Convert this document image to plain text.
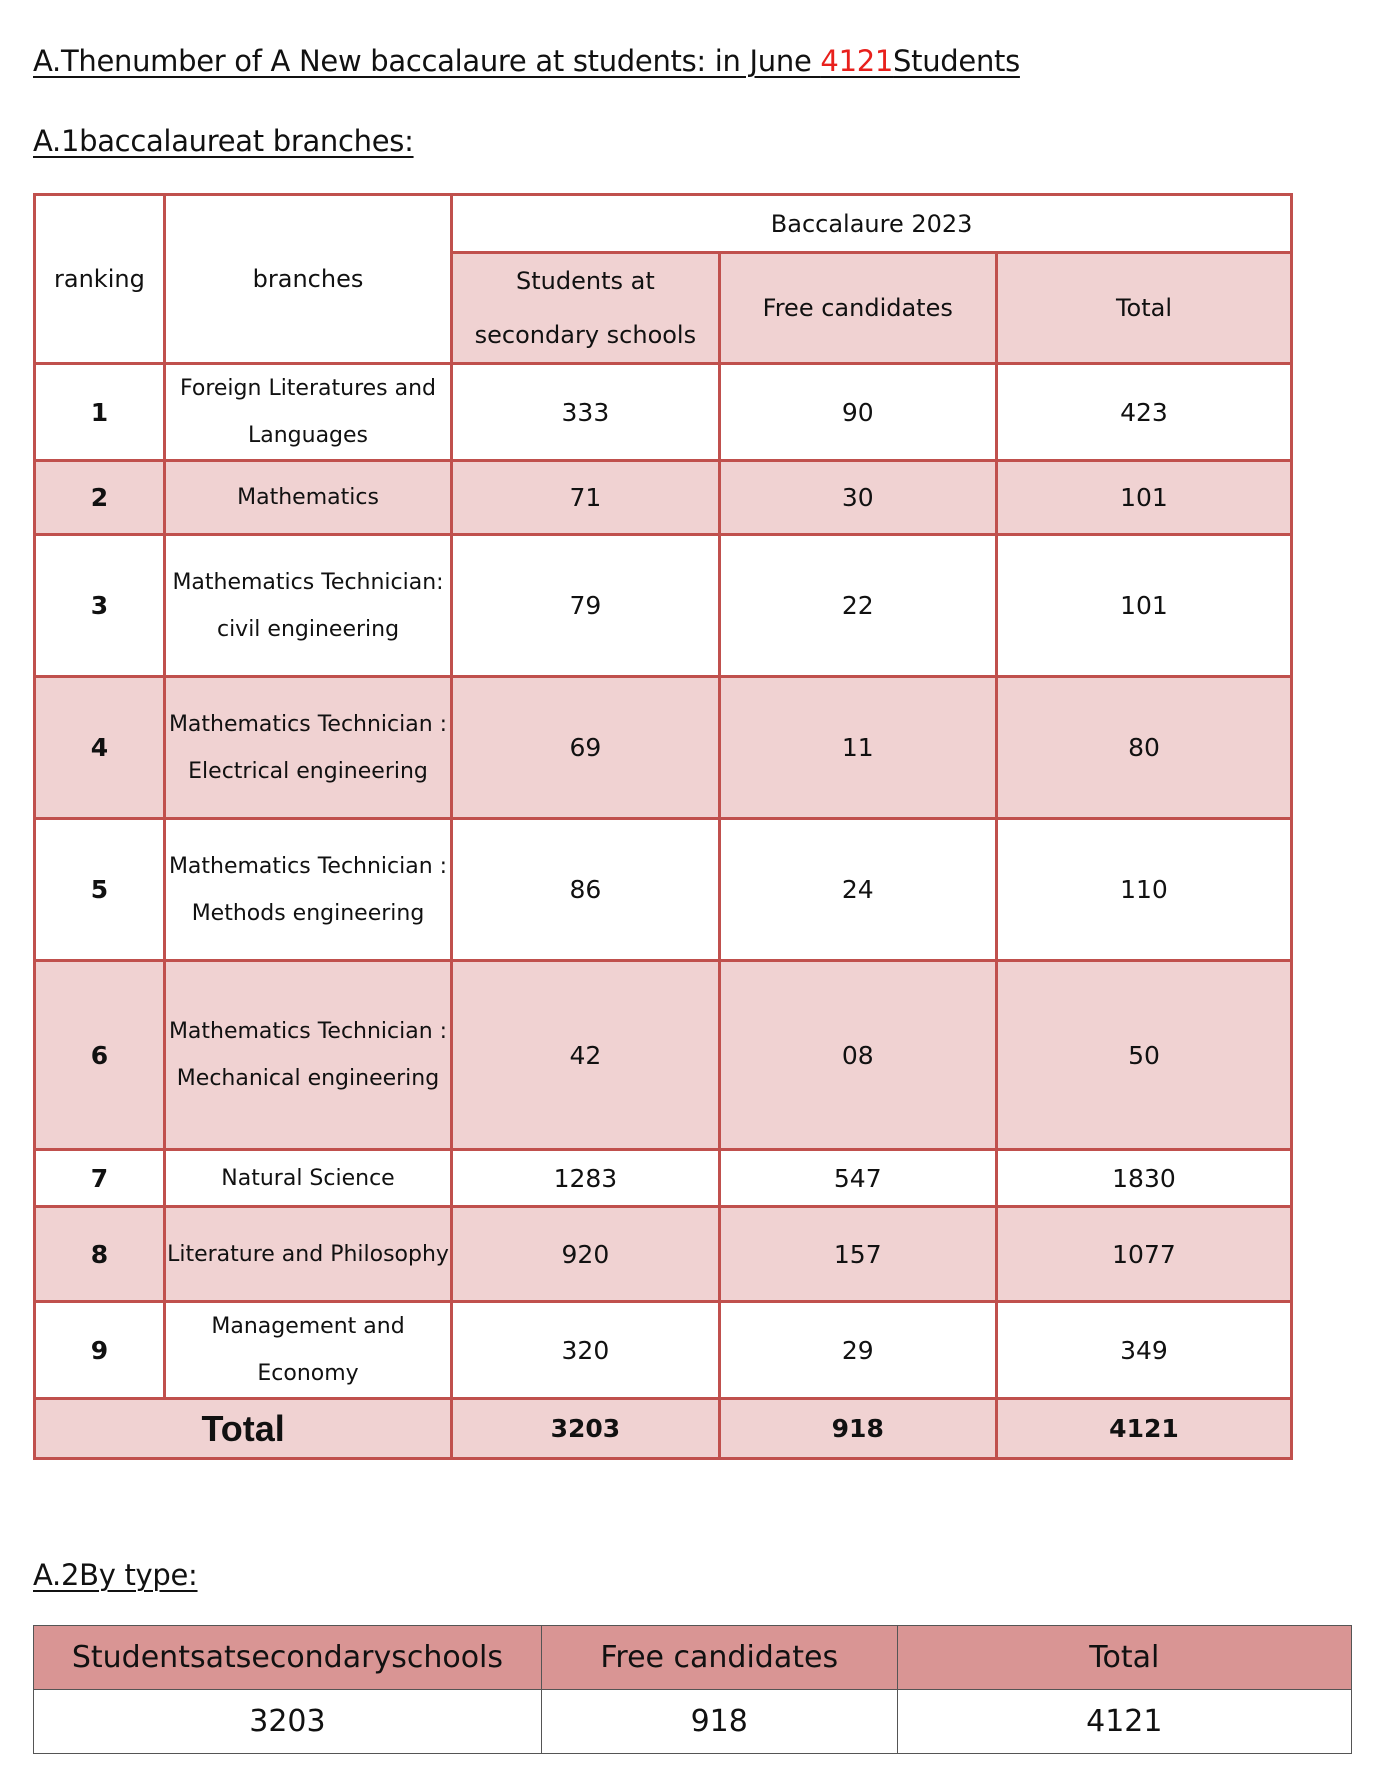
A.Thenumber of A New baccalaure at students: in June 4121Students
A.1baccalaureat branches:
ranking	branches	Baccalaure 2023		
		Students at secondary schools	Free candidates	Total
1	Foreign Literatures and Languages	333	90	423
2	Mathematics	71	30	101
3	Mathematics Technician: civil engineering	79	22	101
4	Mathematics Technician : Electrical engineering	69	11	80
5	Mathematics Technician : Methods engineering	86	24	110
6	Mathematics Technician : Mechanical engineering	42	08	50
7	Natural Science	1283	547	1830
8	Literature and Philosophy	920	157	1077
9	Management and Economy	320	29	349
Total		3203	918	4121
A.2By type:
Studentsatsecondaryschools	Free candidates	Total
3203	918	4121
